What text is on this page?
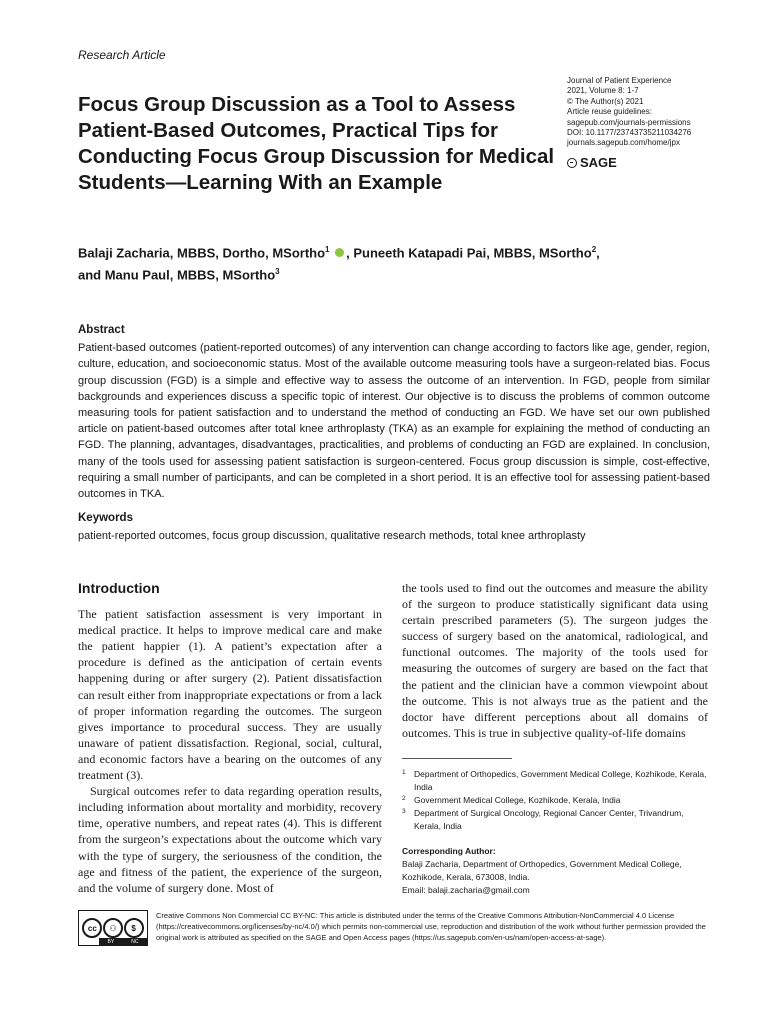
Research Article
Focus Group Discussion as a Tool to Assess Patient-Based Outcomes, Practical Tips for Conducting Focus Group Discussion for Medical Students—Learning With an Example
Journal of Patient Experience
2021, Volume 8: 1-7
© The Author(s) 2021
Article reuse guidelines:
sagepub.com/journals-permissions
DOI: 10.1177/23743735211034276
journals.sagepub.com/home/jpx
SAGE
Balaji Zacharia, MBBS, Dortho, MSortho$^1$ , Puneeth Katapadi Pai, MBBS, MSortho$^2$,
and Manu Paul, MBBS, MSortho$^3$
Abstract

Patient-based outcomes (patient-reported outcomes) of any intervention can change according to factors like age, gender, region, culture, education, and socioeconomic status. Most of the available outcome measuring tools have a surgeon-related bias. Focus group discussion (FGD) is a simple and effective way to assess the outcome of an intervention. In FGD, people from similar backgrounds and experiences discuss a specific topic of interest. Our objective is to discuss the problems of common outcome measuring tools for patient satisfaction and to understand the method of conducting an FGD. We have set our own published article on patient-based outcomes after total knee arthroplasty (TKA) as an example for explaining the method of conducting an FGD. The planning, advantages, disadvantages, practicalities, and problems of conducting an FGD are explained. In conclusion, many of the tools used for assessing patient satisfaction is surgeon-centered. Focus group discussion is simple, cost-effective, requiring a small number of participants, and can be completed in a short period. It is an effective tool for assessing patient-based outcomes in TKA.

Keywords

patient-reported outcomes, focus group discussion, qualitative research methods, total knee arthroplasty

Introduction

The patient satisfaction assessment is very important in medical practice. It helps to improve medical care and make the patient happier (1). A patient’s expectation after a procedure is defined as the anticipation of certain events happening during or after surgery (2). Patient dissatisfaction can result either from inappropriate expectations or from a lack of proper information regarding the outcomes. The surgeon gives importance to procedural success. They are usually unaware of patient dissatisfaction. Regional, social, cultural, and economic factors have a bearing on the outcomes of any treatment (3).

Surgical outcomes refer to data regarding operation results, including information about mortality and morbidity, recovery time, operative numbers, and repeat rates (4). This is different from the surgeon’s expectations about the outcome which vary with the type of surgery, the seriousness of the condition, the age and fitness of the patient, the experience of the surgeon, and the volume of surgery done. Most of

the tools used to find out the outcomes and measure the ability of the surgeon to produce statistically significant data using certain prescribed parameters (5). The surgeon judges the success of surgery based on the anatomical, radiological, and functional outcomes. The majority of the tools used for measuring the outcomes of surgery are based on the fact that the patient and the clinician have a common viewpoint about the outcome. This is not always true as the patient and the doctor have different perceptions about all domains of outcomes. This is true in subjective quality-of-life domains

1 Department of Orthopedics, Government Medical College, Kozhikode, Kerala, India
2 Government Medical College, Kozhikode, Kerala, India
3 Department of Surgical Oncology, Regional Cancer Center, Trivandrum, Kerala, India
Corresponding Author:
Balaji Zacharia, Department of Orthopedics, Government Medical College, Kozhikode, Kerala, 673008, India.
Email: balaji.zacharia@gmail.com
cc	⚇	$
BY	NC
Creative Commons Non Commercial CC BY-NC: This article is distributed under the terms of the Creative Commons Attribution-NonCommercial 4.0 License (https://creativecommons.org/licenses/by-nc/4.0/) which permits non-commercial use, reproduction and distribution of the work without further permission provided the original work is attributed as specified on the SAGE and Open Access pages (https://us.sagepub.com/en-us/nam/open-access-at-sage).
